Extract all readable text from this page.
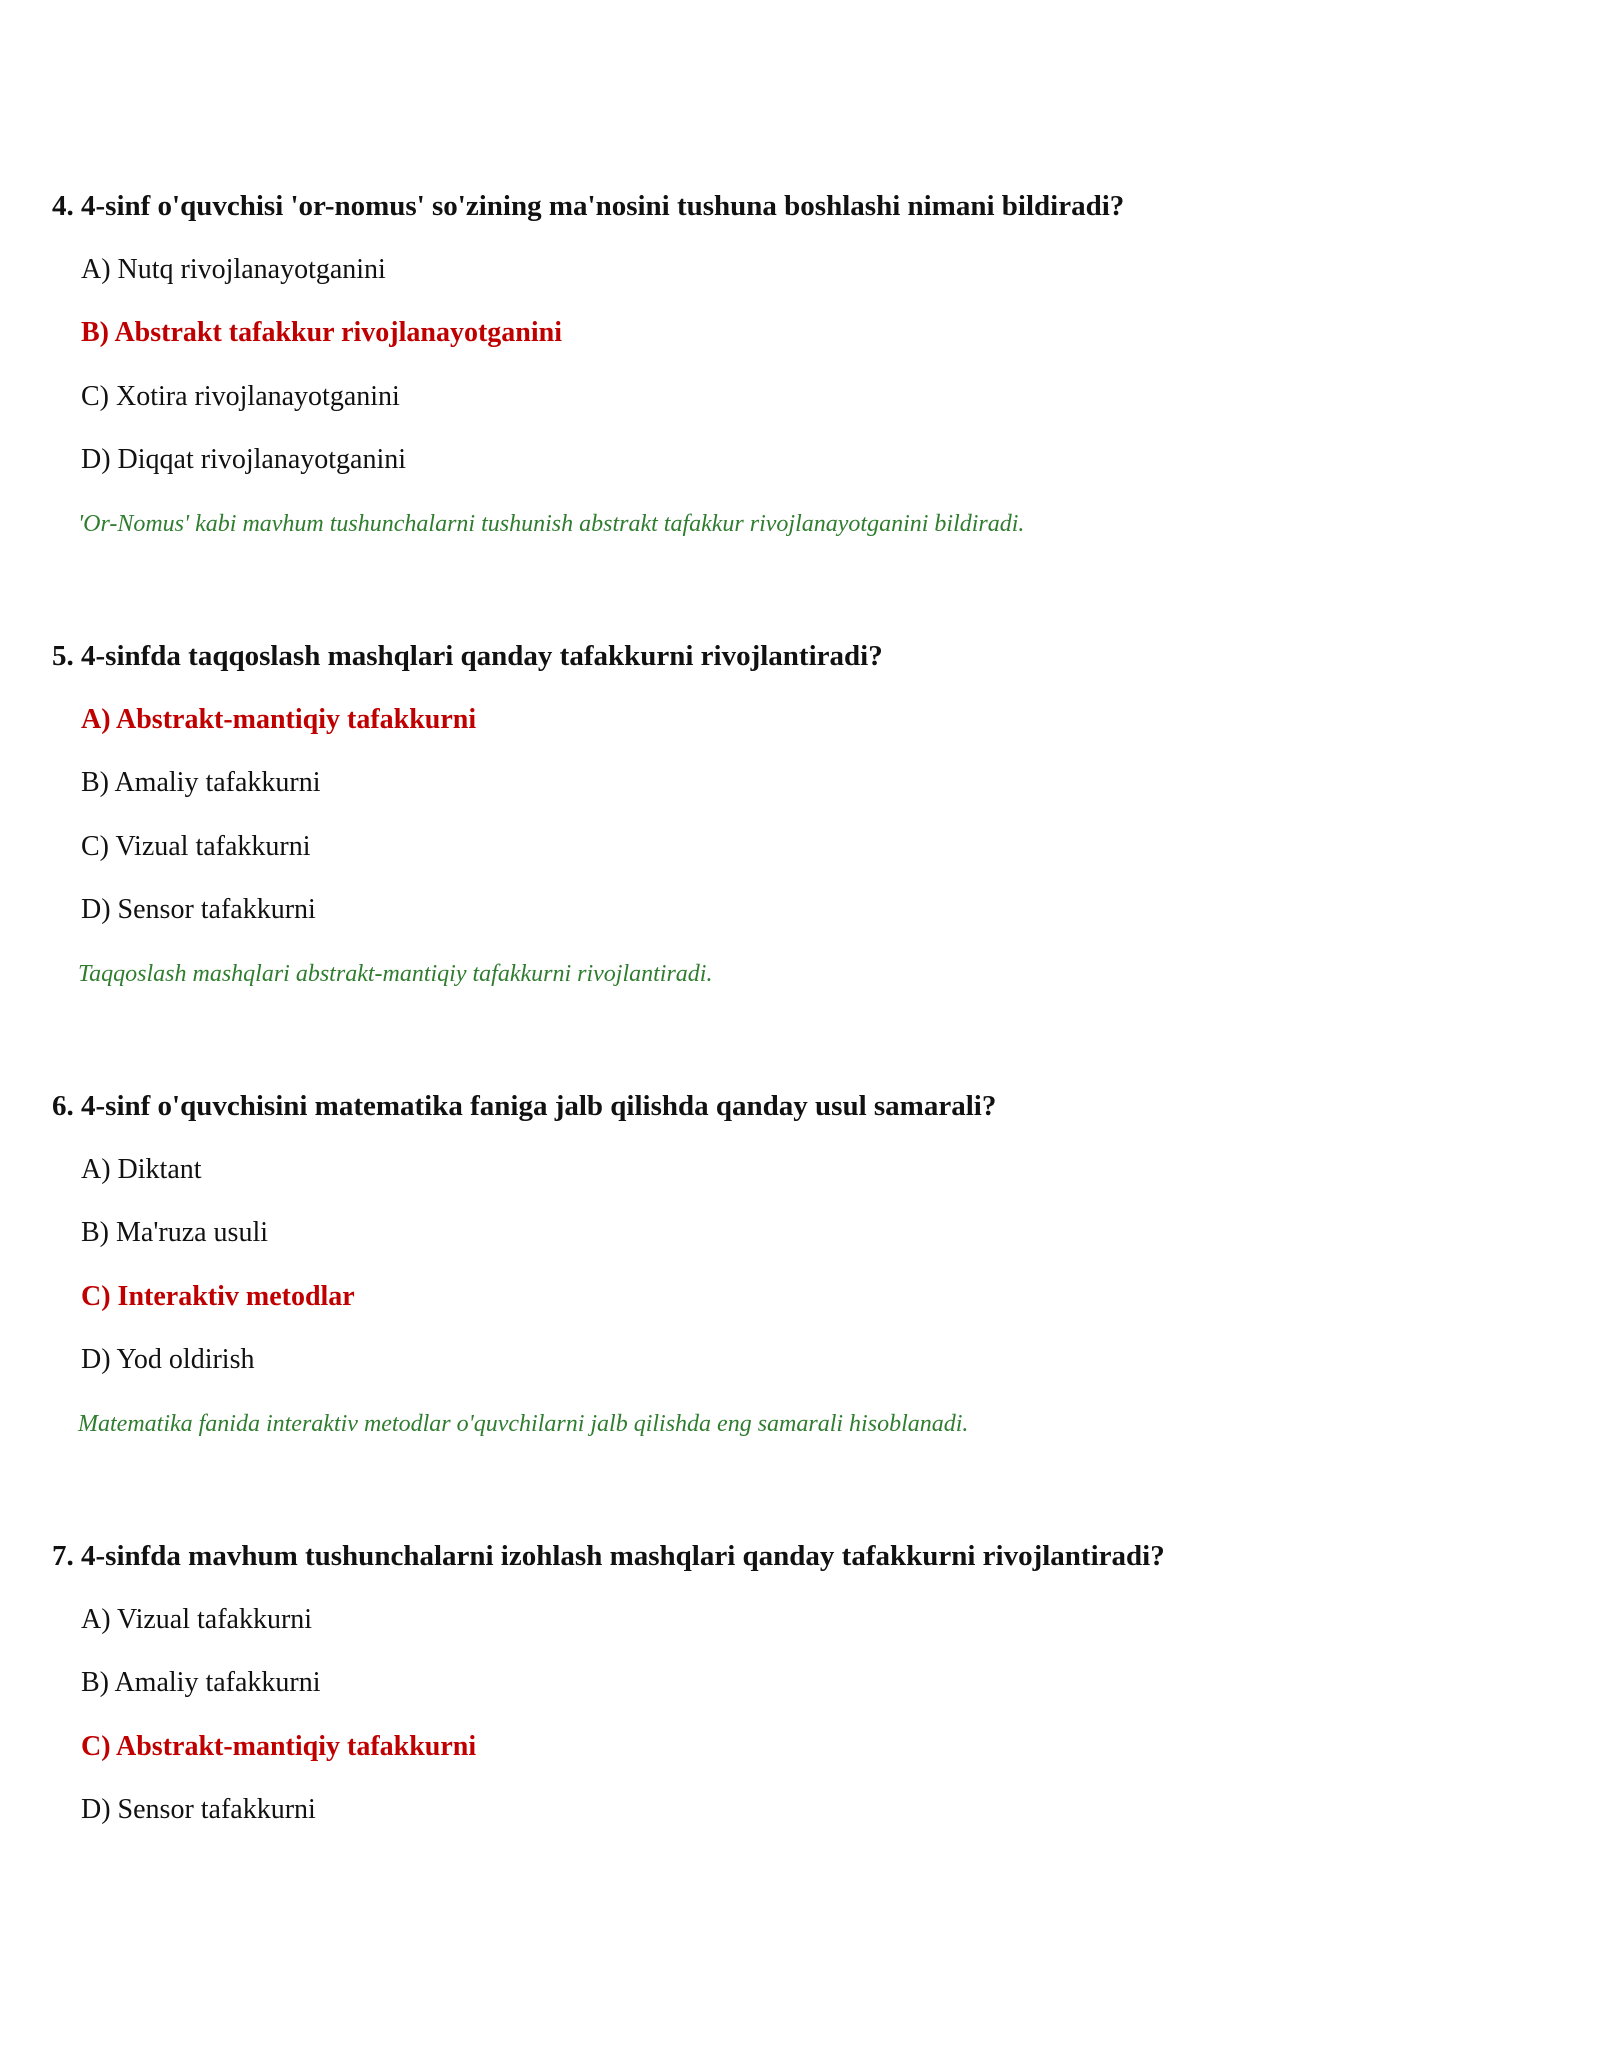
4. 4-sinf o'quvchisi 'or-nomus' so'zining ma'nosini tushuna boshlashi nimani bildiradi?

A) Nutq rivojlanayotganini
B) Abstrakt tafakkur rivojlanayotganini
C) Xotira rivojlanayotganini
D) Diqqat rivojlanayotganini

'Or-Nomus' kabi mavhum tushunchalarni tushunish abstrakt tafakkur rivojlanayotganini bildiradi.

5. 4-sinfda taqqoslash mashqlari qanday tafakkurni rivojlantiradi?

A) Abstrakt-mantiqiy tafakkurni
B) Amaliy tafakkurni
C) Vizual tafakkurni
D) Sensor tafakkurni

Taqqoslash mashqlari abstrakt-mantiqiy tafakkurni rivojlantiradi.

6. 4-sinf o'quvchisini matematika faniga jalb qilishda qanday usul samarali?

A) Diktant
B) Ma'ruza usuli
C) Interaktiv metodlar
D) Yod oldirish

Matematika fanida interaktiv metodlar o'quvchilarni jalb qilishda eng samarali hisoblanadi.

7. 4-sinfda mavhum tushunchalarni izohlash mashqlari qanday tafakkurni rivojlantiradi?

A) Vizual tafakkurni
B) Amaliy tafakkurni
C) Abstrakt-mantiqiy tafakkurni
D) Sensor tafakkurni
